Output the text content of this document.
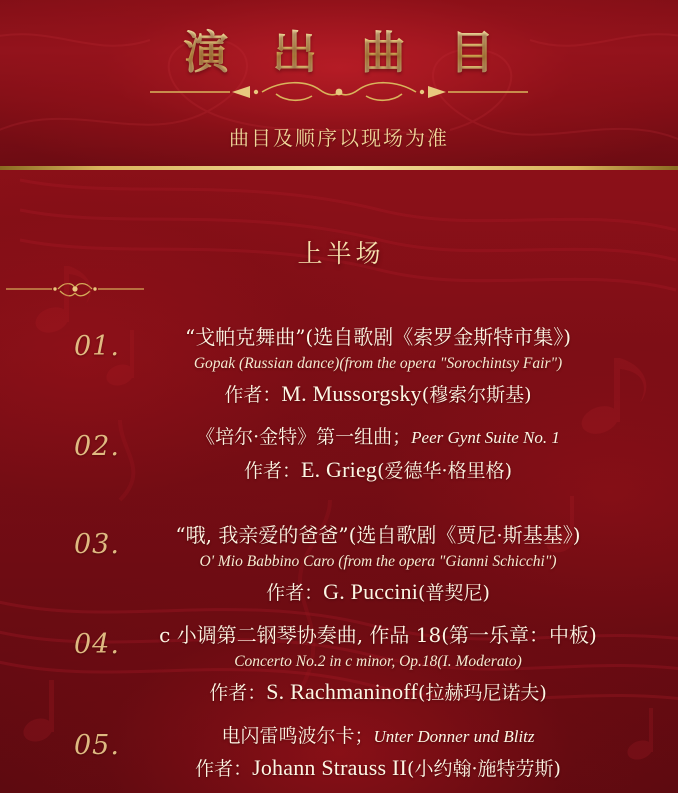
演 出 曲 目
曲目及顺序以现场为准
上半场
01.	“戈帕克舞曲”(选自歌剧《索罗金斯特市集》)
Gopak (Russian dance)(from the opera "Sorochintsy Fair")
作者：M. Mussorgsky(穆索尔斯基)
02.	《培尔·金特》第一组曲；Peer Gynt Suite No. 1
作者：E. Grieg(爱德华·格里格)
03.	“哦, 我亲爱的爸爸”(选自歌剧《贾尼·斯基基》)
O' Mio Babbino Caro (from the opera "Gianni Schicchi")
作者：G. Puccini(普契尼)
04.	c 小调第二钢琴协奏曲, 作品 18(第一乐章：中板)
Concerto No.2 in c minor, Op.18(I. Moderato)
作者：S. Rachmaninoff(拉赫玛尼诺夫)
05.	电闪雷鸣波尔卡；Unter Donner und Blitz
作者：Johann Strauss II(小约翰·施特劳斯)
